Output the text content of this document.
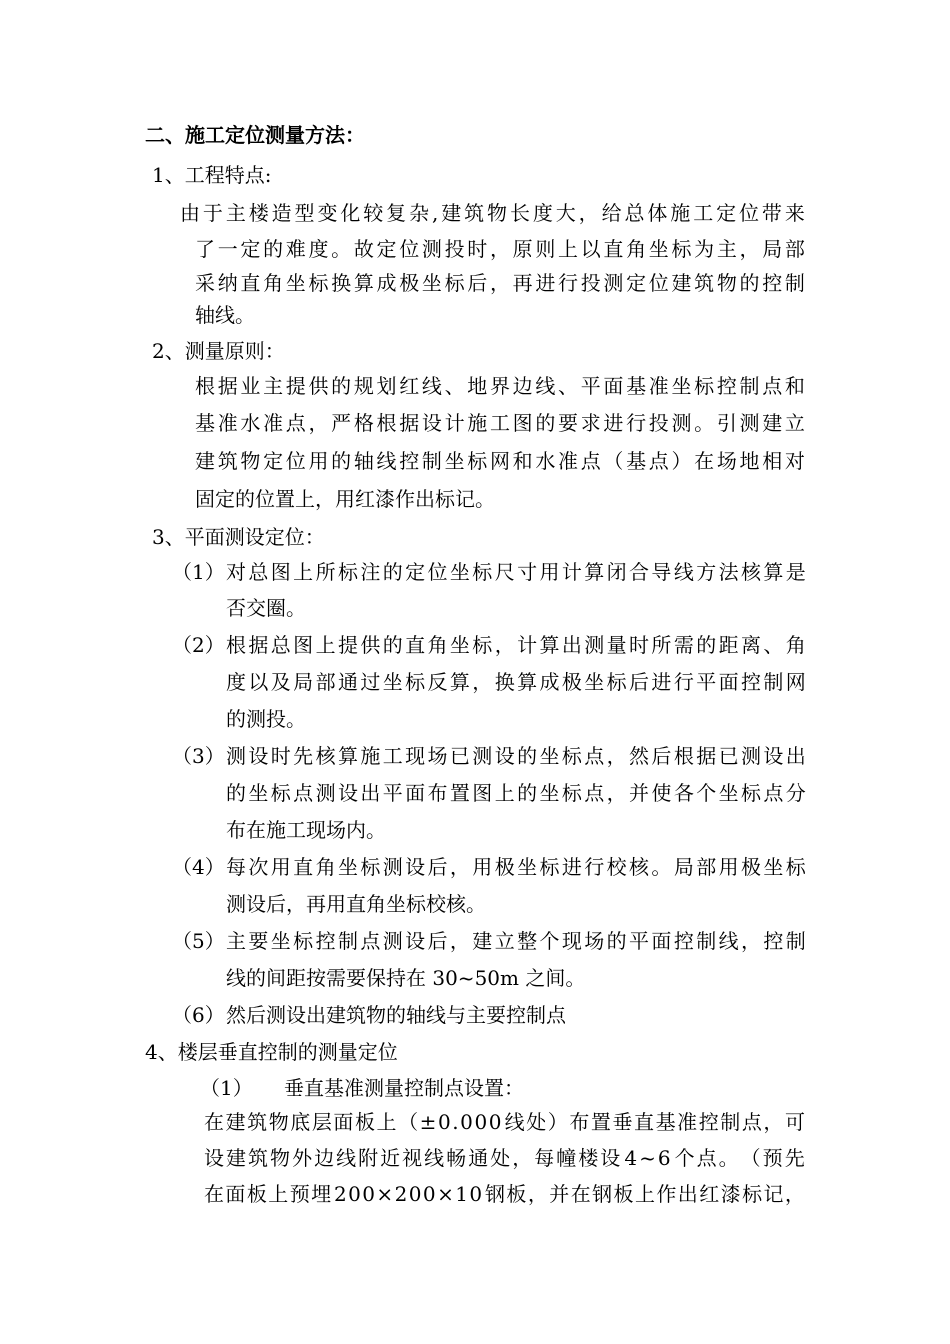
二、施工定位测量方法：
1、工程特点:
由 于 主 楼 造 型 变 化 较 复 杂 , 建 筑 物 长 度 大 ， 给 总 体 施 工 定 位 带 来
了 一 定 的 难 度 。 故 定 位 测 投 时 ， 原 则 上 以 直 角 坐 标 为 主 ， 局 部
采 纳 直 角 坐 标 换 算 成 极 坐 标 后 ， 再 进 行 投 测 定 位 建 筑 物 的 控 制
轴线。
2、测量原则：
根 据 业 主 提 供 的 规 划 红 线 、 地 界 边 线 、 平 面 基 准 坐 标 控 制 点 和
基 准 水 准 点 ， 严 格 根 据 设 计 施 工 图 的 要 求 进 行 投 测 。 引 测 建 立
建 筑 物 定 位 用 的 轴 线 控 制 坐 标 网 和 水 准 点 （ 基 点 ） 在 场 地 相 对
固定的位置上，用红漆作出标记。
3、平面测设定位：
（1） 对 总 图 上 所 标 注 的 定 位 坐 标 尺 寸 用 计 算 闭 合 导 线 方 法 核 算 是
否交圈。
（2） 根 据 总 图 上 提 供 的 直 角 坐 标 ， 计 算 出 测 量 时 所 需 的 距 离 、 角
度 以 及 局 部 通 过 坐 标 反 算 ， 换 算 成 极 坐 标 后 进 行 平 面 控 制 网
的测投。
（3） 测 设 时 先 核 算 施 工 现 场 已 测 设 的 坐 标 点 ， 然 后 根 据 已 测 设 出
的 坐 标 点 测 设 出 平 面 布 置 图 上 的 坐 标 点 ， 并 使 各 个 坐 标 点 分
布在施工现场内。
（4） 每 次 用 直 角 坐 标 测 设 后 ， 用 极 坐 标 进 行 校 核 。 局 部 用 极 坐 标
测设后，再用直角坐标校核。
（5） 主 要 坐 标 控 制 点 测 设 后 ， 建 立 整 个 现 场 的 平 面 控 制 线 ， 控 制
线的间距按需要保持在 30~50m 之间。
（6） 然后测设出建筑物的轴线与主要控制点
4、楼层垂直控制的测量定位
（1） 垂直基准测量控制点设置：
在 建 筑 物 底 层 面 板 上 （ ± 0 . 0 0 0 线 处 ） 布 置 垂 直 基 准 控 制 点 ， 可
设 建 筑 物 外 边 线 附 近 视 线 畅 通 处 ， 每 幢 楼 设 4 ~ 6 个 点 。 （ 预 先
在 面 板 上 预 埋 2 0 0 × 2 0 0 × 1 0 钢 板 ， 并 在 钢 板 上 作 出 红 漆 标 记 ，
